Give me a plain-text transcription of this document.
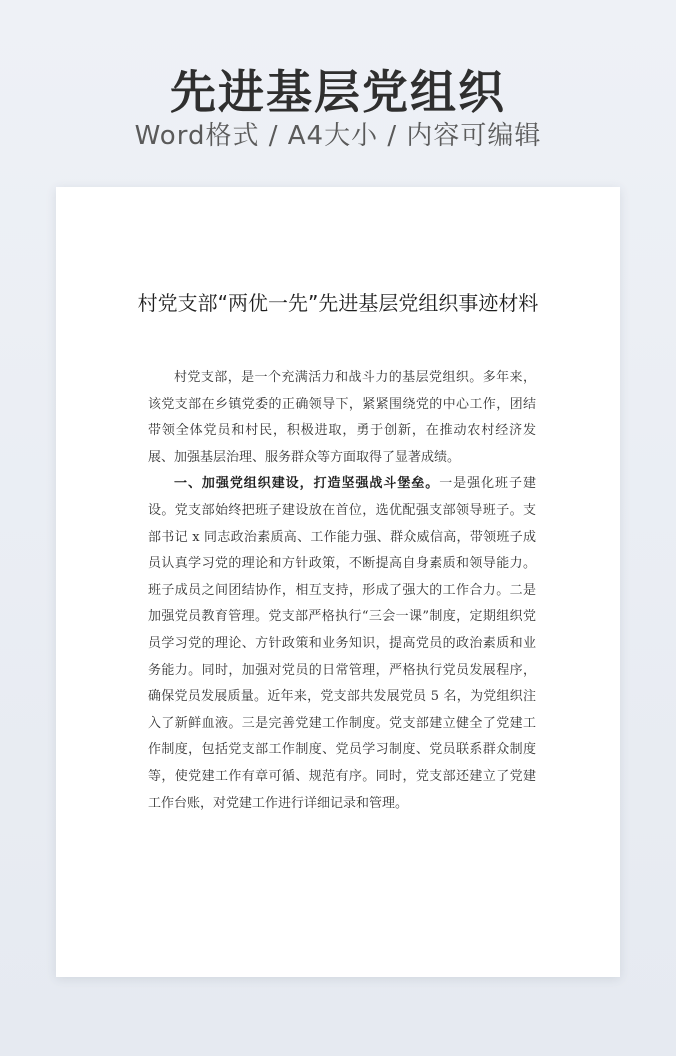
先进基层党组织
Word格式 / A4大小 / 内容可编辑
村党支部“两优一先”先进基层党组织事迹材料

村党支部，是一个充满活力和战斗力的基层党组织。多年来，该党支部在乡镇党委的正确领导下，紧紧围绕党的中心工作，团结带领全体党员和村民，积极进取，勇于创新，在推动农村经济发展、加强基层治理、服务群众等方面取得了显著成绩。

一、加强党组织建设，打造坚强战斗堡垒。一是强化班子建设。党支部始终把班子建设放在首位，选优配强支部领导班子。支部书记 x 同志政治素质高、工作能力强、群众威信高，带领班子成员认真学习党的理论和方针政策，不断提高自身素质和领导能力。班子成员之间团结协作，相互支持，形成了强大的工作合力。二是加强党员教育管理。党支部严格执行“三会一课”制度，定期组织党员学习党的理论、方针政策和业务知识，提高党员的政治素质和业务能力。同时，加强对党员的日常管理，严格执行党员发展程序，确保党员发展质量。近年来，党支部共发展党员 5 名，为党组织注入了新鲜血液。三是完善党建工作制度。党支部建立健全了党建工作制度，包括党支部工作制度、党员学习制度、党员联系群众制度等，使党建工作有章可循、规范有序。同时，党支部还建立了党建工作台账，对党建工作进行详细记录和管理。
